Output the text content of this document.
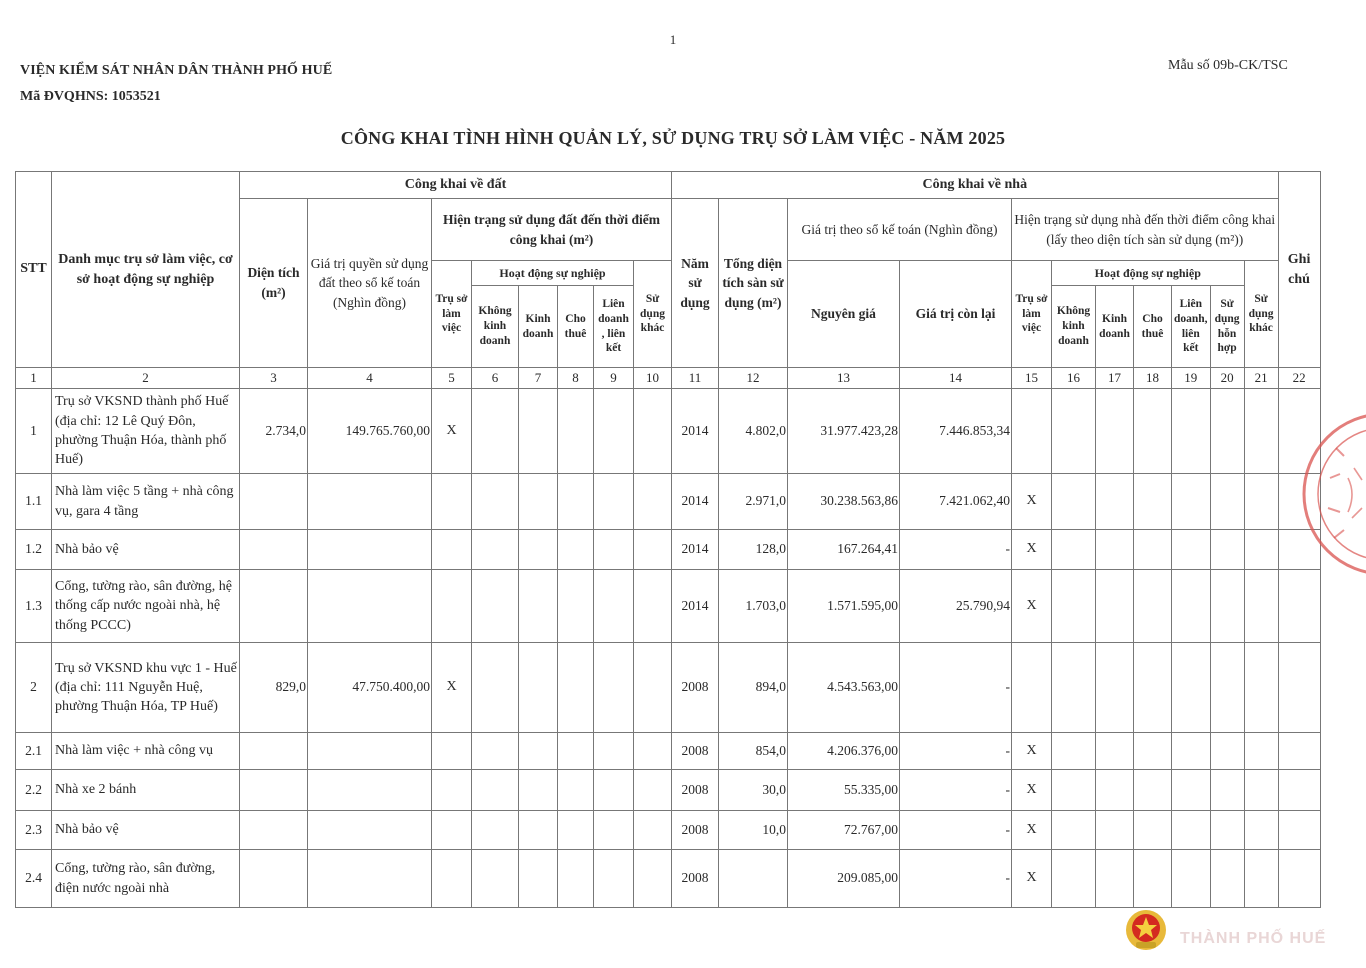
1
VIỆN KIỂM SÁT NHÂN DÂN THÀNH PHỐ HUẾ
Mã ĐVQHNS: 1053521
Mẫu số 09b-CK/TSC
CÔNG KHAI TÌNH HÌNH QUẢN LÝ, SỬ DỤNG TRỤ SỞ LÀM VIỆC - NĂM 2025
STT	Danh mục trụ sở làm việc, cơ sở hoạt động sự nghiệp	Công khai về đất								Công khai về nhà											Ghi chú
		Diện tích (m²)	Giá trị quyền sử dụng đất theo sổ kế toán (Nghìn đồng)	Hiện trạng sử dụng đất đến thời điểm công khai (m²)						Năm sử dụng	Tổng diện tích sàn sử dụng (m²)	Giá trị theo sổ kế toán (Nghìn đồng)		Hiện trạng sử dụng nhà đến thời điểm công khai (lấy theo diện tích sàn sử dụng (m²))							
				Trụ sở làm việc	Hoạt động sự nghiệp				Sử dụng khác			Nguyên giá	Giá trị còn lại	Trụ sở làm việc	Hoạt động sự nghiệp					Sử dụng khác	
					Không kinh doanh	Kinh doanh	Cho thuê	Liên doanh , liên kết							Không kinh doanh	Kinh doanh	Cho thuê	Liên doanh, liên kết	Sử dụng hỗn hợp		
1	2	3	4	5	6	7	8	9	10	11	12	13	14	15	16	17	18	19	20	21	22
1	Trụ sở VKSND thành phố Huế (địa chỉ: 12 Lê Quý Đôn, phường Thuận Hóa, thành phố Huế)	2.734,0	149.765.760,00	X						2014	4.802,0	31.977.423,28	7.446.853,34								
1.1	Nhà làm việc 5 tầng + nhà công vụ, gara 4 tầng									2014	2.971,0	30.238.563,86	7.421.062,40	X							
1.2	Nhà bảo vệ									2014	128,0	167.264,41	-	X							
1.3	Cổng, tường rào, sân đường, hệ thống cấp nước ngoài nhà, hệ thống PCCC)									2014	1.703,0	1.571.595,00	25.790,94	X							
2	Trụ sở VKSND khu vực 1 - Huế (địa chỉ: 111 Nguyễn Huệ, phường Thuận Hóa, TP Huế)	829,0	47.750.400,00	X						2008	894,0	4.543.563,00	-								
2.1	Nhà làm việc + nhà công vụ									2008	854,0	4.206.376,00	-	X							
2.2	Nhà xe 2 bánh									2008	30,0	55.335,00	-	X							
2.3	Nhà bảo vệ									2008	10,0	72.767,00	-	X							
2.4	Cổng, tường rào, sân đường, điện nước ngoài nhà									2008		209.085,00	-	X							
THÀNH PHỐ HUẾ
